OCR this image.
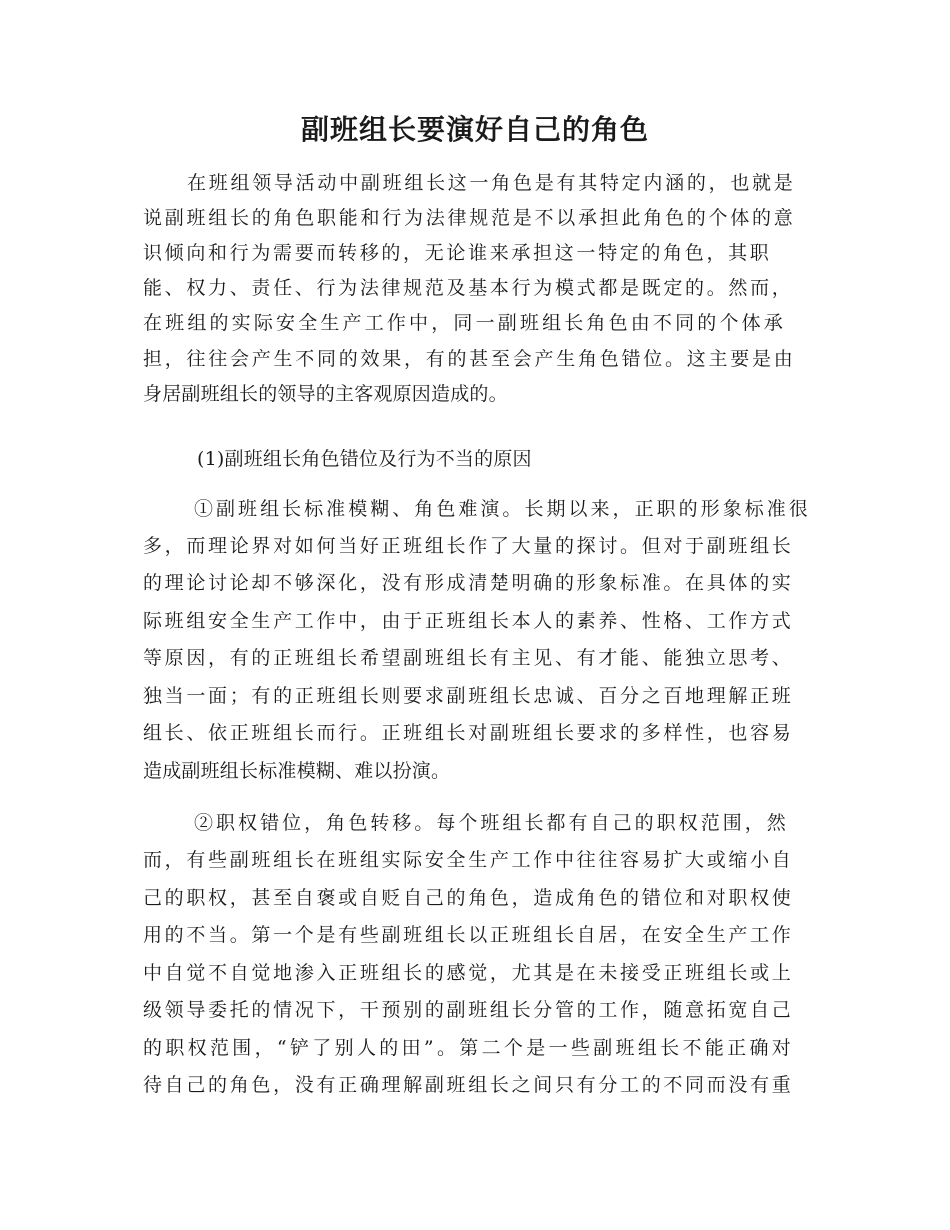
副班组长要演好自己的角色
在班组领导活动中副班组长这一角色是有其特定内涵的，也就是
说副班组长的角色职能和行为法律规范是不以承担此角色的个体的意
识倾向和行为需要而转移的，无论谁来承担这一特定的角色，其职
能、权力、责任、行为法律规范及基本行为模式都是既定的。然而，
在班组的实际安全生产工作中，同一副班组长角色由不同的个体承
担，往往会产生不同的效果，有的甚至会产生角色错位。这主要是由
身居副班组长的领导的主客观原因造成的。
(1)副班组长角色错位及行为不当的原因
①副班组长标准模糊、角色难演。长期以来，正职的形象标准很
多，而理论界对如何当好正班组长作了大量的探讨。但对于副班组长
的理论讨论却不够深化，没有形成清楚明确的形象标准。在具体的实
际班组安全生产工作中，由于正班组长本人的素养、性格、工作方式
等原因，有的正班组长希望副班组长有主见、有才能、能独立思考、
独当一面；有的正班组长则要求副班组长忠诚、百分之百地理解正班
组长、依正班组长而行。正班组长对副班组长要求的多样性，也容易
造成副班组长标准模糊、难以扮演。
②职权错位，角色转移。每个班组长都有自己的职权范围，然
而，有些副班组长在班组实际安全生产工作中往往容易扩大或缩小自
己的职权，甚至自褒或自贬自己的角色，造成角色的错位和对职权使
用的不当。第一个是有些副班组长以正班组长自居，在安全生产工作
中自觉不自觉地渗入正班组长的感觉，尤其是在未接受正班组长或上
级领导委托的情况下，干预别的副班组长分管的工作，随意拓宽自己
的职权范围，“铲了别人的田”。第二个是一些副班组长不能正确对
待自己的角色，没有正确理解副班组长之间只有分工的不同而没有重
